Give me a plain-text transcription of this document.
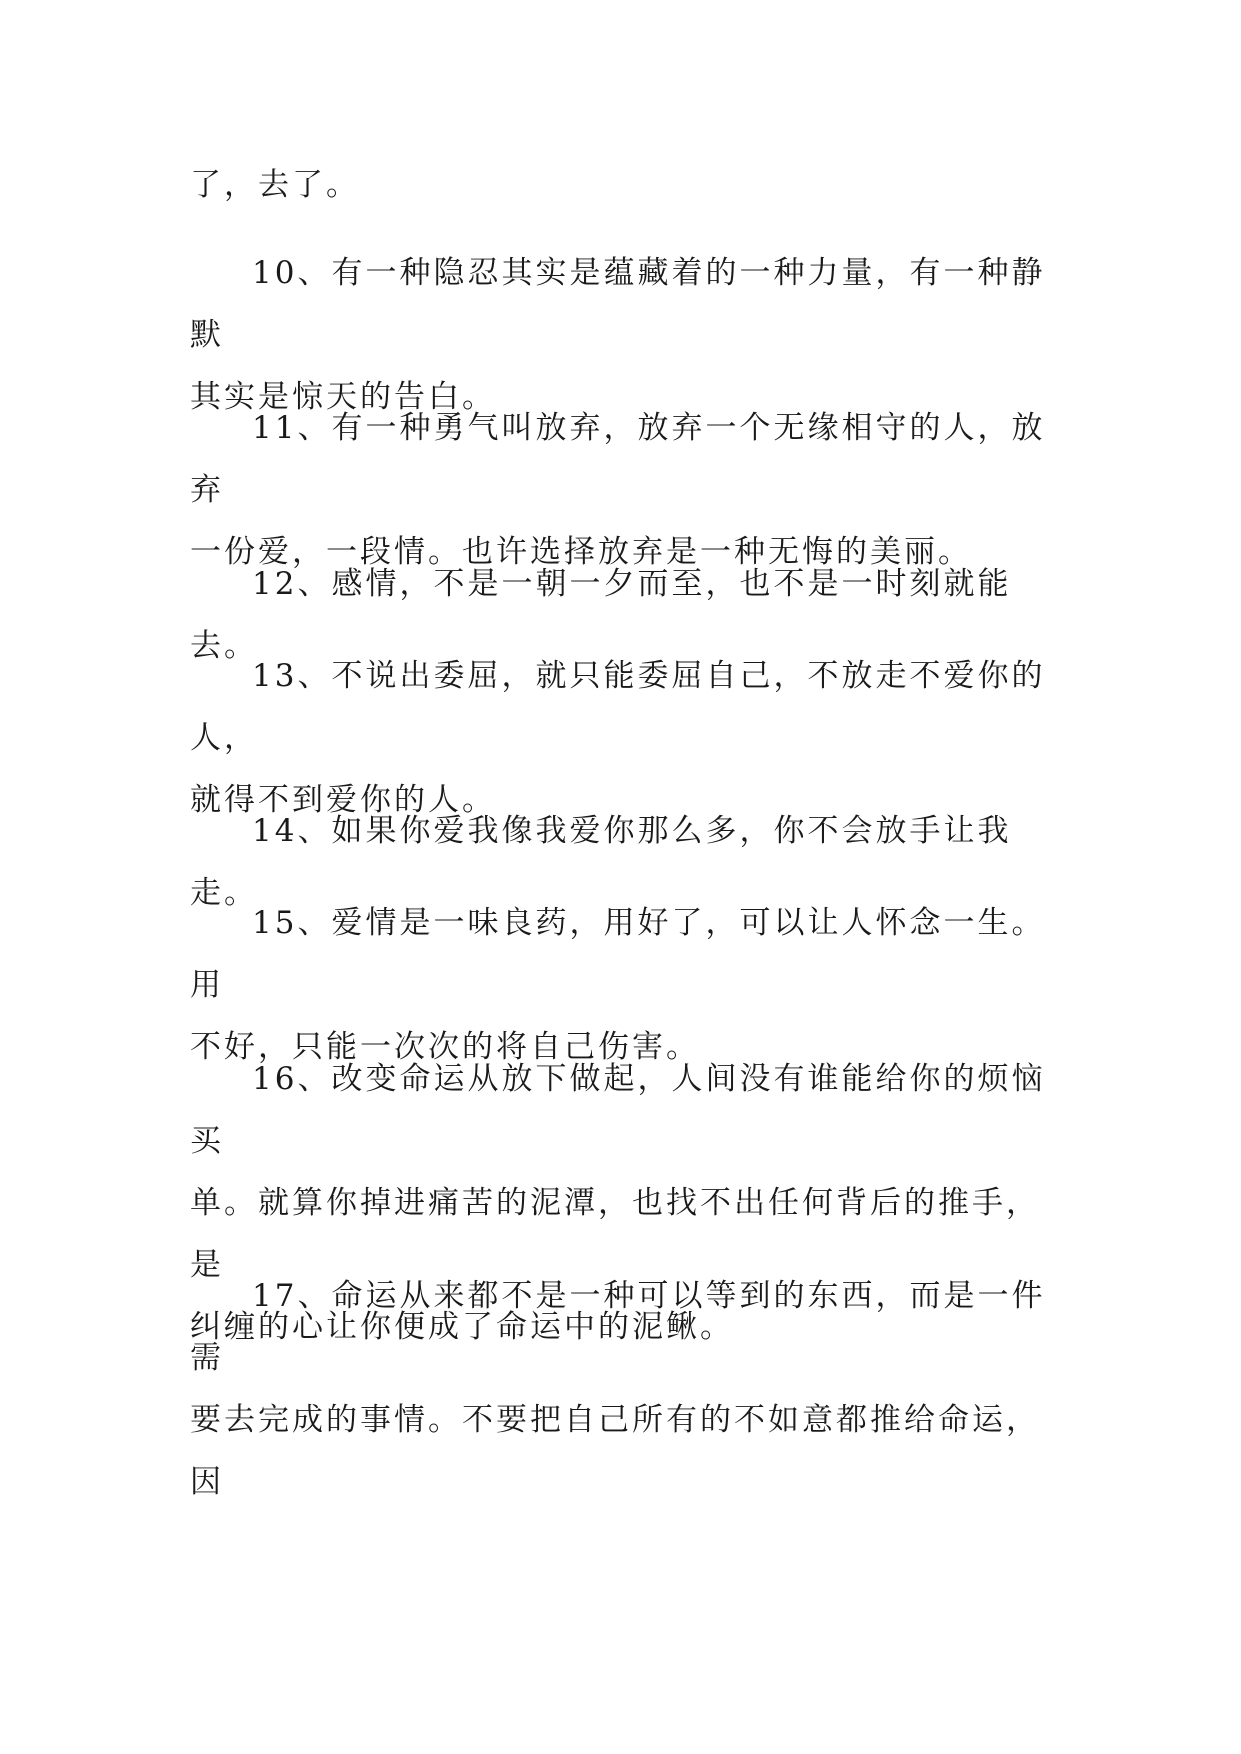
了，去了。
10、有一种隐忍其实是蕴藏着的一种力量，有一种静默
其实是惊天的告白。
11、有一种勇气叫放弃，放弃一个无缘相守的人，放弃
一份爱，一段情。也许选择放弃是一种无悔的美丽。
12、感情，不是一朝一夕而至，也不是一时刻就能去。
13、不说出委屈，就只能委屈自己，不放走不爱你的人，
就得不到爱你的人。
14、如果你爱我像我爱你那么多，你不会放手让我走。
15、爱情是一味良药，用好了，可以让人怀念一生。用
不好，只能一次次的将自己伤害。
16、改变命运从放下做起，人间没有谁能给你的烦恼买
单。就算你掉进痛苦的泥潭，也找不出任何背后的推手，是
纠缠的心让你便成了命运中的泥鳅。
17、命运从来都不是一种可以等到的东西，而是一件需
要去完成的事情。不要把自己所有的不如意都推给命运，因
